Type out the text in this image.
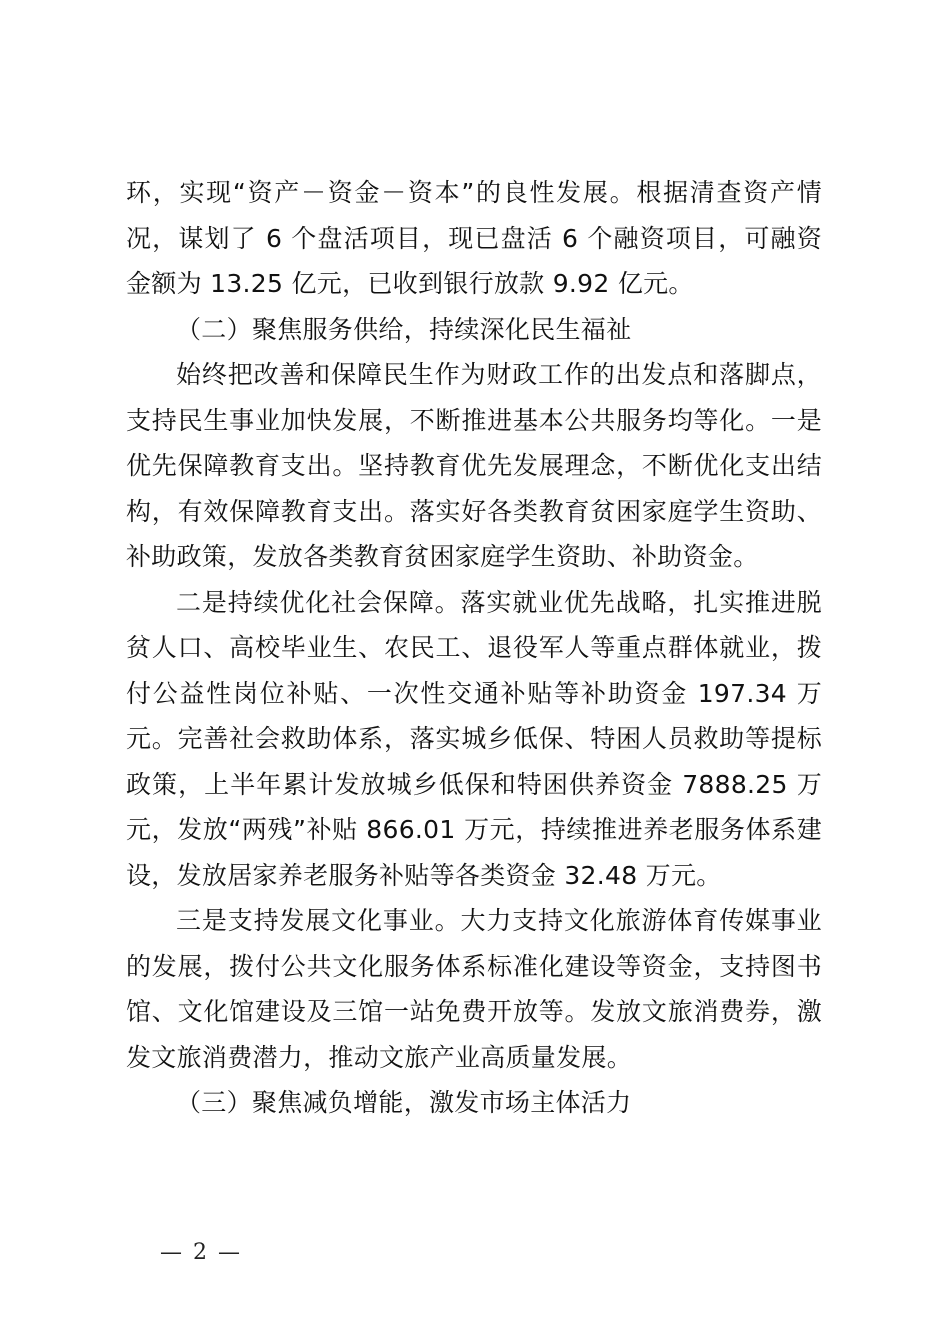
环，实现“资产－资金－资本”的良性发展。根据清查资产情况，谋划了 6 个盘活项目，现已盘活 6 个融资项目，可融资金额为 13.25 亿元，已收到银行放款 9.92 亿元。

（二）聚焦服务供给，持续深化民生福祉

始终把改善和保障民生作为财政工作的出发点和落脚点，支持民生事业加快发展，不断推进基本公共服务均等化。一是优先保障教育支出。坚持教育优先发展理念，不断优化支出结构，有效保障教育支出。落实好各类教育贫困家庭学生资助、补助政策，发放各类教育贫困家庭学生资助、补助资金。

二是持续优化社会保障。落实就业优先战略，扎实推进脱贫人口、高校毕业生、农民工、退役军人等重点群体就业，拨付公益性岗位补贴、一次性交通补贴等补助资金 197.34 万元。完善社会救助体系，落实城乡低保、特困人员救助等提标政策，上半年累计发放城乡低保和特困供养资金 7888.25 万元，发放“两残”补贴 866.01 万元，持续推进养老服务体系建设，发放居家养老服务补贴等各类资金 32.48 万元。

三是支持发展文化事业。大力支持文化旅游体育传媒事业的发展，拨付公共文化服务体系标准化建设等资金，支持图书馆、文化馆建设及三馆一站免费开放等。发放文旅消费券，激发文旅消费潜力，推动文旅产业高质量发展。

（三）聚焦减负增能，激发市场主体活力

— 2 —
